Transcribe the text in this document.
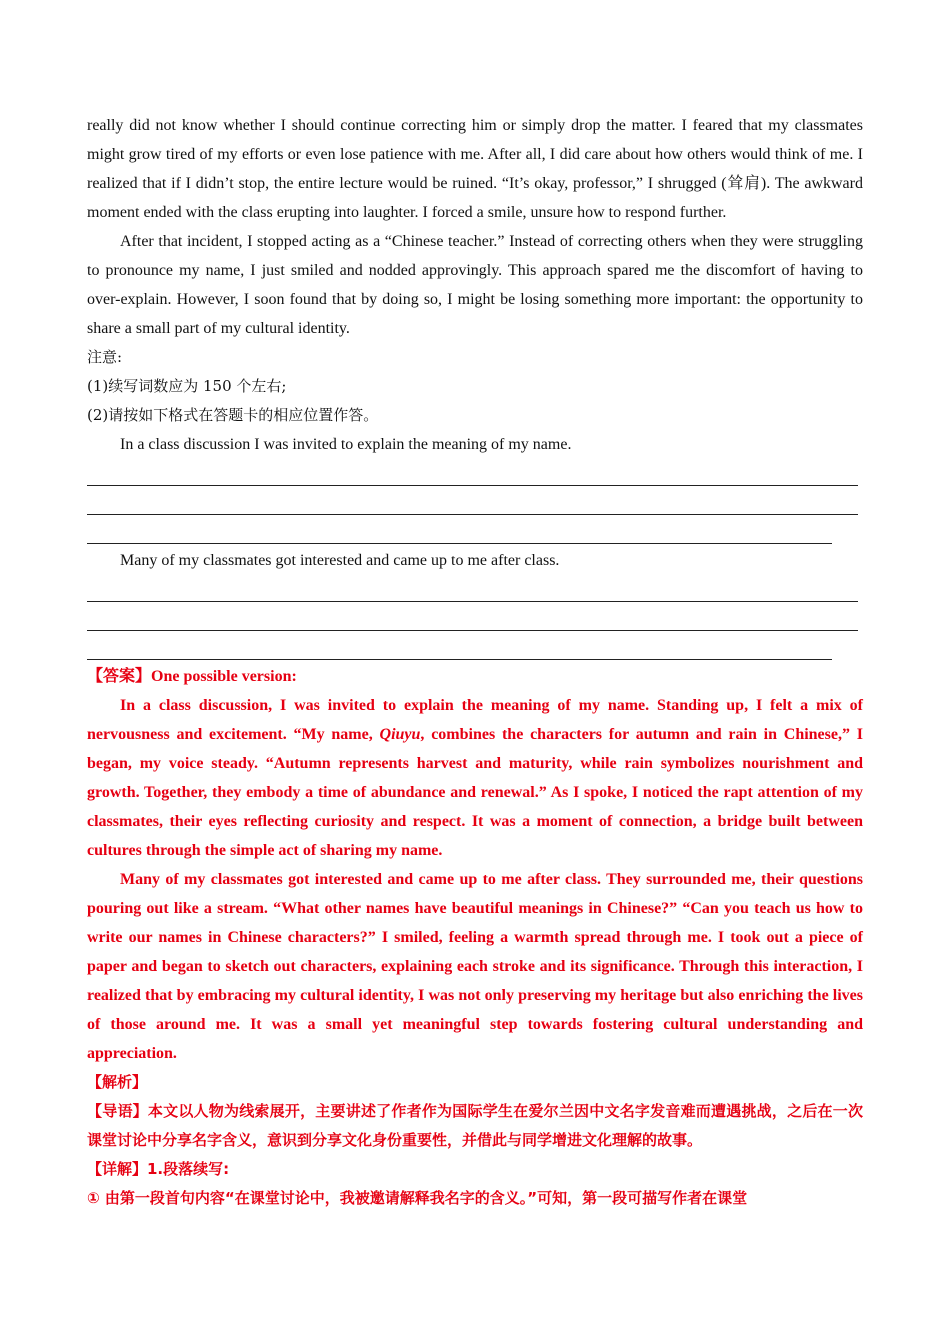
really did not know whether I should continue correcting him or simply drop the matter. I feared that my classmates might grow tired of my efforts or even lose patience with me. After all, I did care about how others would think of me. I realized that if I didn’t stop, the entire lecture would be ruined. “It’s okay, professor,” I shrugged (耸肩). The awkward moment ended with the class erupting into laughter. I forced a smile, unsure how to respond further.

After that incident, I stopped acting as a “Chinese teacher.” Instead of correcting others when they were struggling to pronounce my name, I just smiled and nodded approvingly. This approach spared me the discomfort of having to over-explain. However, I soon found that by doing so, I might be losing something more important: the opportunity to share a small part of my cultural identity.

注意:

(1)续写词数应为 150 个左右;

(2)请按如下格式在答题卡的相应位置作答。

In a class discussion I was invited to explain the meaning of my name.

Many of my classmates got interested and came up to me after class.

【答案】One possible version:

In a class discussion, I was invited to explain the meaning of my name. Standing up, I felt a mix of nervousness and excitement. “My name, Qiuyu, combines the characters for autumn and rain in Chinese,” I began, my voice steady. “Autumn represents harvest and maturity, while rain symbolizes nourishment and growth. Together, they embody a time of abundance and renewal.” As I spoke, I noticed the rapt attention of my classmates, their eyes reflecting curiosity and respect. It was a moment of connection, a bridge built between cultures through the simple act of sharing my name.

Many of my classmates got interested and came up to me after class. They surrounded me, their questions pouring out like a stream. “What other names have beautiful meanings in Chinese?” “Can you teach us how to write our names in Chinese characters?” I smiled, feeling a warmth spread through me. I took out a piece of paper and began to sketch out characters, explaining each stroke and its significance. Through this interaction, I realized that by embracing my cultural identity, I was not only preserving my heritage but also enriching the lives of those around me. It was a small yet meaningful step towards fostering cultural understanding and appreciation.

【解析】

【导语】本文以人物为线索展开，主要讲述了作者作为国际学生在爱尔兰因中文名字发音难而遭遇挑战，之后在一次课堂讨论中分享名字含义，意识到分享文化身份重要性，并借此与同学增进文化理解的故事。

【详解】1.段落续写:

① 由第一段首句内容“在课堂讨论中，我被邀请解释我名字的含义。”可知，第一段可描写作者在课堂
